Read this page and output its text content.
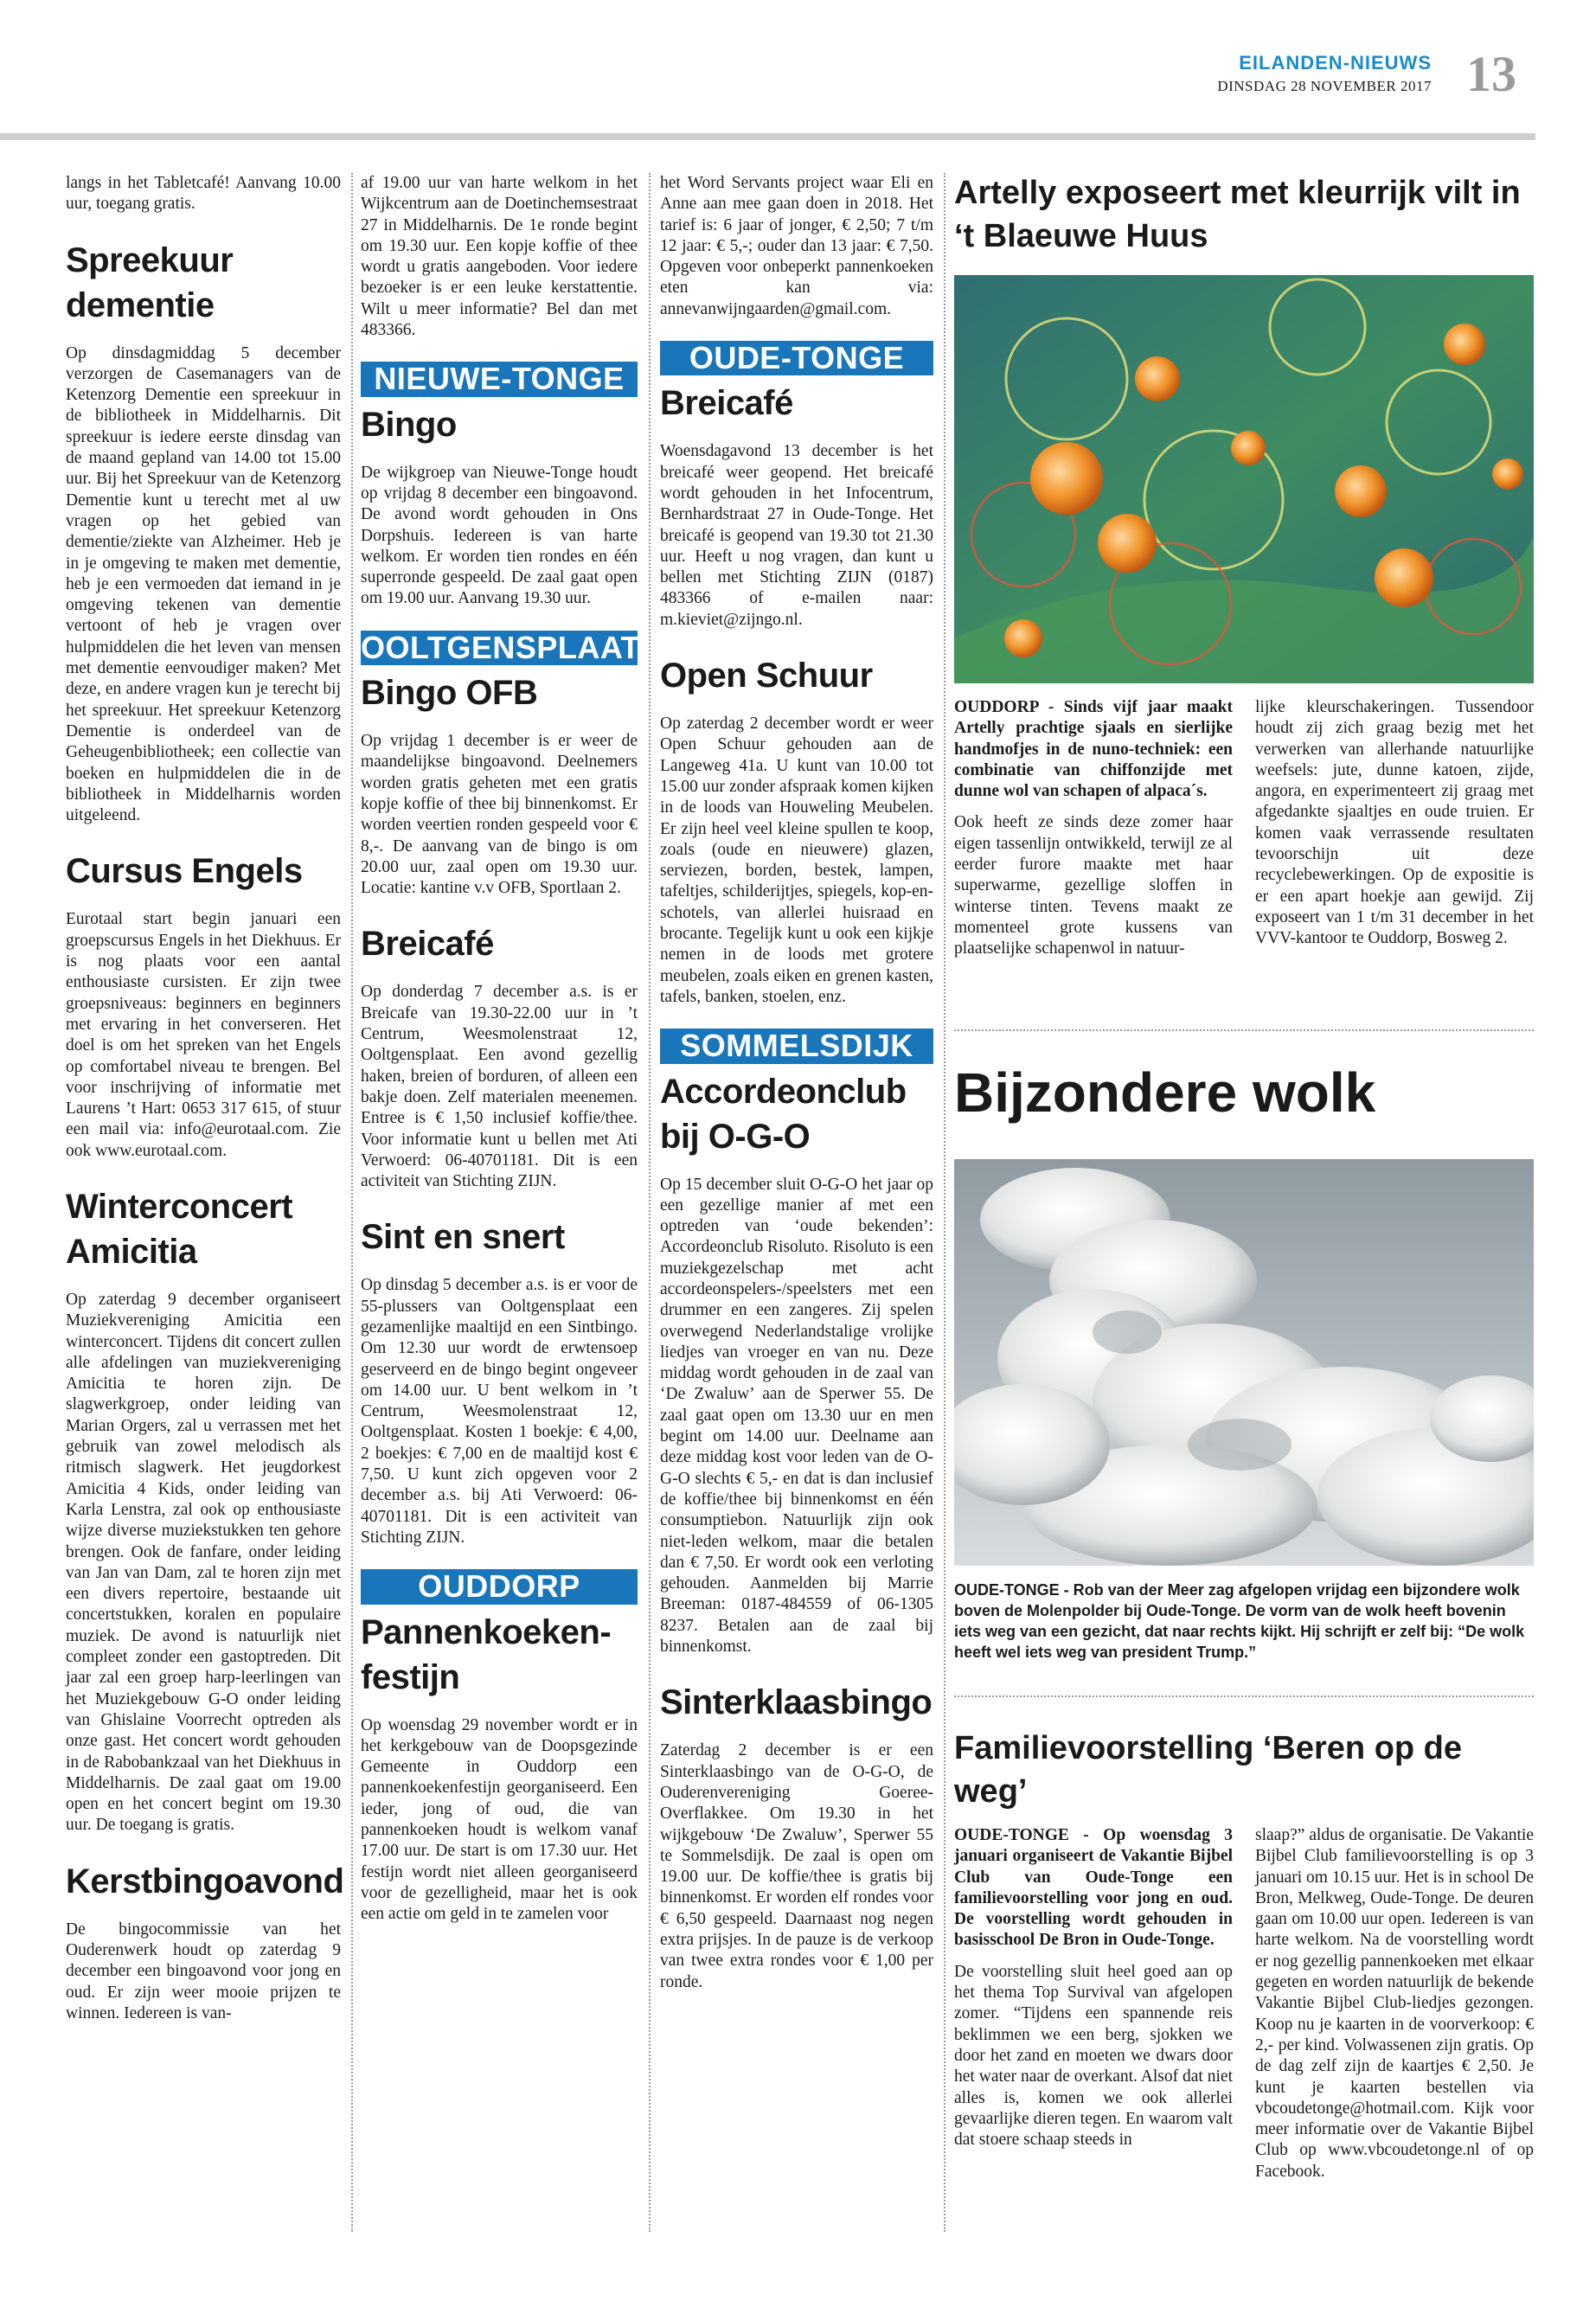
EILANDEN-NIEUWS
DINSDAG 28 NOVEMBER 2017 13

langs in het Tabletcafé! Aanvang 10.00 uur, toegang gratis.

Spreekuur dementie

Op dinsdagmiddag 5 december verzorgen de Casemanagers van de Ketenzorg Dementie een spreekuur in de bibliotheek in Middelharnis. Dit spreekuur is iedere eerste dinsdag van de maand gepland van 14.00 tot 15.00 uur. Bij het Spreekuur van de Ketenzorg Dementie kunt u terecht met al uw vragen op het gebied van dementie/ziekte van Alzheimer. Heb je in je omgeving te maken met dementie, heb je een vermoeden dat iemand in je omgeving tekenen van dementie vertoont of heb je vragen over hulpmiddelen die het leven van mensen met dementie eenvoudiger maken? Met deze, en andere vragen kun je terecht bij het spreekuur. Het spreekuur Ketenzorg Dementie is onderdeel van de Geheugenbibliotheek; een collectie van boeken en hulpmiddelen die in de bibliotheek in Middelharnis worden uitgeleend.

Cursus Engels

Eurotaal start begin januari een groepscursus Engels in het Diekhuus. Er is nog plaats voor een aantal enthousiaste cursisten. Er zijn twee groepsniveaus: beginners en beginners met ervaring in het converseren. Het doel is om het spreken van het Engels op comfortabel niveau te brengen. Bel voor inschrijving of informatie met Laurens ’t Hart: 0653 317 615, of stuur een mail via: info@eurotaal.com. Zie ook www.eurotaal.com.

Winterconcert Amicitia

Op zaterdag 9 december organiseert Muziekvereniging Amicitia een winterconcert. Tijdens dit concert zullen alle afdelingen van muziekvereniging Amicitia te horen zijn. De slagwerkgroep, onder leiding van Marian Orgers, zal u verrassen met het gebruik van zowel melodisch als ritmisch slagwerk. Het jeugdorkest Amicitia 4 Kids, onder leiding van Karla Lenstra, zal ook op enthousiaste wijze diverse muziekstukken ten gehore brengen. Ook de fanfare, onder leiding van Jan van Dam, zal te horen zijn met een divers repertoire, bestaande uit concertstukken, koralen en populaire muziek. De avond is natuurlijk niet compleet zonder een gastoptreden. Dit jaar zal een groep harp-leerlingen van het Muziekgebouw G-O onder leiding van Ghislaine Voorrecht optreden als onze gast. Het concert wordt gehouden in de Rabobankzaal van het Diekhuus in Middelharnis. De zaal gaat om 19.00 open en het concert begint om 19.30 uur. De toegang is gratis.

Kerstbingoavond

De bingocommissie van het Ouderenwerk houdt op zaterdag 9 december een bingoavond voor jong en oud. Er zijn weer mooie prijzen te winnen. Iedereen is van-

af 19.00 uur van harte welkom in het Wijkcentrum aan de Doetinchemsestraat 27 in Middelharnis. De 1e ronde begint om 19.30 uur. Een kopje koffie of thee wordt u gratis aangeboden. Voor iedere bezoeker is er een leuke kerstattentie. Wilt u meer informatie? Bel dan met 483366.

NIEUWE-TONGE
Bingo

De wijkgroep van Nieuwe-Tonge houdt op vrijdag 8 december een bingoavond. De avond wordt gehouden in Ons Dorpshuis. Iedereen is van harte welkom. Er worden tien rondes en één superronde gespeeld. De zaal gaat open om 19.00 uur. Aanvang 19.30 uur.

OOLTGENSPLAAT
Bingo OFB

Op vrijdag 1 december is er weer de maandelijkse bingoavond. Deelnemers worden gratis geheten met een gratis kopje koffie of thee bij binnenkomst. Er worden veertien ronden gespeeld voor € 8,-. De aanvang van de bingo is om 20.00 uur, zaal open om 19.30 uur. Locatie: kantine v.v OFB, Sportlaan 2.

Breicafé

Op donderdag 7 december a.s. is er Breicafe van 19.30-22.00 uur in ’t Centrum, Weesmolenstraat 12, Ooltgensplaat. Een avond gezellig haken, breien of borduren, of alleen een bakje doen. Zelf materialen meenemen. Entree is € 1,50 inclusief koffie/thee. Voor informatie kunt u bellen met Ati Verwoerd: 06-40701181. Dit is een activiteit van Stichting ZIJN.

Sint en snert

Op dinsdag 5 december a.s. is er voor de 55-plussers van Ooltgensplaat een gezamenlijke maaltijd en een Sintbingo. Om 12.30 uur wordt de erwtensoep geserveerd en de bingo begint ongeveer om 14.00 uur. U bent welkom in ’t Centrum, Weesmolenstraat 12, Ooltgensplaat. Kosten 1 boekje: € 4,00, 2 boekjes: € 7,00 en de maaltijd kost € 7,50. U kunt zich opgeven voor 2 december a.s. bij Ati Verwoerd: 06-40701181. Dit is een activiteit van Stichting ZIJN.

OUDDORP
Pannenkoeken-festijn

Op woensdag 29 november wordt er in het kerkgebouw van de Doopsgezinde Gemeente in Ouddorp een pannenkoekenfestijn georganiseerd. Een ieder, jong of oud, die van pannenkoeken houdt is welkom vanaf 17.00 uur. De start is om 17.30 uur. Het festijn wordt niet alleen georganiseerd voor de gezelligheid, maar het is ook een actie om geld in te zamelen voor

het Word Servants project waar Eli en Anne aan mee gaan doen in 2018. Het tarief is: 6 jaar of jonger, € 2,50; 7 t/m 12 jaar: € 5,-; ouder dan 13 jaar: € 7,50. Opgeven voor onbeperkt pannenkoeken eten kan via: annevanwijngaarden@gmail.com.

OUDE-TONGE
Breicafé

Woensdagavond 13 december is het breicafé weer geopend. Het breicafé wordt gehouden in het Infocentrum, Bernhardstraat 27 in Oude-Tonge. Het breicafé is geopend van 19.30 tot 21.30 uur. Heeft u nog vragen, dan kunt u bellen met Stichting ZIJN (0187) 483366 of e-mailen naar: m.kieviet@zijngo.nl.

Open Schuur

Op zaterdag 2 december wordt er weer Open Schuur gehouden aan de Langeweg 41a. U kunt van 10.00 tot 15.00 uur zonder afspraak komen kijken in de loods van Houweling Meubelen. Er zijn heel veel kleine spullen te koop, zoals (oude en nieuwere) glazen, serviezen, borden, bestek, lampen, tafeltjes, schilderijtjes, spiegels, kop-en-schotels, van allerlei huisraad en brocante. Tegelijk kunt u ook een kijkje nemen in de loods met grotere meubelen, zoals eiken en grenen kasten, tafels, banken, stoelen, enz.

SOMMELSDIJK
Accordeonclub bij O-G-O

Op 15 december sluit O-G-O het jaar op een gezellige manier af met een optreden van ‘oude bekenden’: Accordeonclub Risoluto. Risoluto is een muziekgezelschap met acht accordeonspelers-/speelsters met een drummer en een zangeres. Zij spelen overwegend Nederlandstalige vrolijke liedjes van vroeger en van nu. Deze middag wordt gehouden in de zaal van ‘De Zwaluw’ aan de Sperwer 55. De zaal gaat open om 13.30 uur en men begint om 14.00 uur. Deelname aan deze middag kost voor leden van de O-G-O slechts € 5,- en dat is dan inclusief de koffie/thee bij binnenkomst en één consumptiebon. Natuurlijk zijn ook niet-leden welkom, maar die betalen dan € 7,50. Er wordt ook een verloting gehouden. Aanmelden bij Marrie Breeman: 0187-484559 of 06-1305 8237. Betalen aan de zaal bij binnenkomst.

Sinterklaasbingo

Zaterdag 2 december is er een Sinterklaasbingo van de O-G-O, de Ouderenvereniging Goeree-Overflakkee. Om 19.30 in het wijkgebouw ‘De Zwaluw’, Sperwer 55 te Sommelsdijk. De zaal is open om 19.00 uur. De koffie/thee is gratis bij binnenkomst. Er worden elf rondes voor € 6,50 gespeeld. Daarnaast nog negen extra prijsjes. In de pauze is de verkoop van twee extra rondes voor € 1,00 per ronde.

Artelly exposeert met kleurrijk vilt in ‘t Blaeuwe Huus

OUDDORP - Sinds vijf jaar maakt Artelly prachtige sjaals en sierlijke handmofjes in de nuno-techniek: een combinatie van chiffonzijde met dunne wol van schapen of alpaca´s.

Ook heeft ze sinds deze zomer haar eigen tassenlijn ontwikkeld, terwijl ze al eerder furore maakte met haar superwarme, gezellige sloffen in winterse tinten. Tevens maakt ze momenteel grote kussens van plaatselijke schapenwol in natuur-

lijke kleurschakeringen. Tussendoor houdt zij zich graag bezig met het verwerken van allerhande natuurlijke weefsels: jute, dunne katoen, zijde, angora, en experimenteert zij graag met afgedankte sjaaltjes en oude truien. Er komen vaak verrassende resultaten tevoorschijn uit deze recyclebewerkingen. Op de expositie is er een apart hoekje aan gewijd. Zij exposeert van 1 t/m 31 december in het VVV-kantoor te Ouddorp, Bosweg 2.

Bijzondere wolk
OUDE-TONGE - Rob van der Meer zag afgelopen vrijdag een bijzondere wolk boven de Molenpolder bij Oude-Tonge. De vorm van de wolk heeft bovenin iets weg van een gezicht, dat naar rechts kijkt. Hij schrijft er zelf bij: “De wolk heeft wel iets weg van president Trump.”
Familievoorstelling ‘Beren op de weg’

OUDE-TONGE - Op woensdag 3 januari organiseert de Vakantie Bijbel Club van Oude-Tonge een familievoorstelling voor jong en oud. De voorstelling wordt gehouden in basisschool De Bron in Oude-Tonge.

De voorstelling sluit heel goed aan op het thema Top Survival van afgelopen zomer. “Tijdens een spannende reis beklimmen we een berg, sjokken we door het zand en moeten we dwars door het water naar de overkant. Alsof dat niet alles is, komen we ook allerlei gevaarlijke dieren tegen. En waarom valt dat stoere schaap steeds in

slaap?” aldus de organisatie. De Vakantie Bijbel Club familievoorstelling is op 3 januari om 10.15 uur. Het is in school De Bron, Melkweg, Oude-Tonge. De deuren gaan om 10.00 uur open. Iedereen is van harte welkom. Na de voorstelling wordt er nog gezellig pannenkoeken met elkaar gegeten en worden natuurlijk de bekende Vakantie Bijbel Club-liedjes gezongen. Koop nu je kaarten in de voorverkoop: € 2,- per kind. Volwassenen zijn gratis. Op de dag zelf zijn de kaartjes € 2,50. Je kunt je kaarten bestellen via vbcoudetonge@hotmail.com. Kijk voor meer informatie over de Vakantie Bijbel Club op www.vbcoudetonge.nl of op Facebook.
